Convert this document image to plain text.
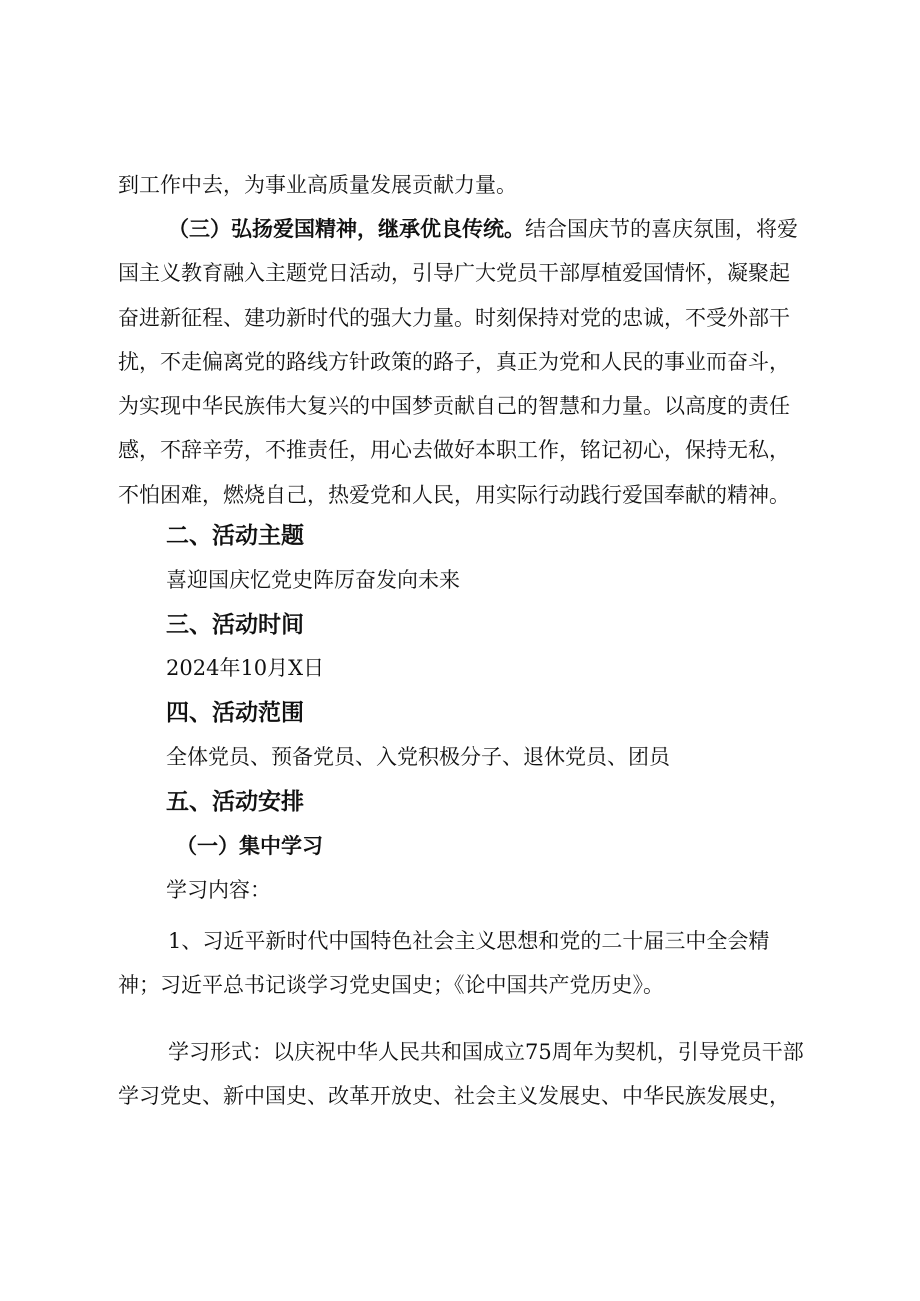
到工作中去，为事业高质量发展贡献力量。

（三）弘扬爱国精神，继承优良传统。结合国庆节的喜庆氛围，将爱国主义教育融入主题党日活动，引导广大党员干部厚植爱国情怀，凝聚起奋进新征程、建功新时代的强大力量。时刻保持对党的忠诚，不受外部干扰，不走偏离党的路线方针政策的路子，真正为党和人民的事业而奋斗，为实现中华民族伟大复兴的中国梦贡献自己的智慧和力量。以高度的责任感，不辞辛劳，不推责任，用心去做好本职工作，铭记初心，保持无私，不怕困难，燃烧自己，热爱党和人民，用实际行动践行爱国奉献的精神。

二、活动主题

喜迎国庆忆党史阵厉奋发向未来

三、活动时间

2024年10月X日

四、活动范围

全体党员、预备党员、入党积极分子、退休党员、团员

五、活动安排
（一）集中学习

学习内容：

1、习近平新时代中国特色社会主义思想和党的二十届三中全会精神；习近平总书记谈学习党史国史；《论中国共产党历史》。

学习形式：以庆祝中华人民共和国成立75周年为契机，引导党员干部学习党史、新中国史、改革开放史、社会主义发展史、中华民族发展史，
